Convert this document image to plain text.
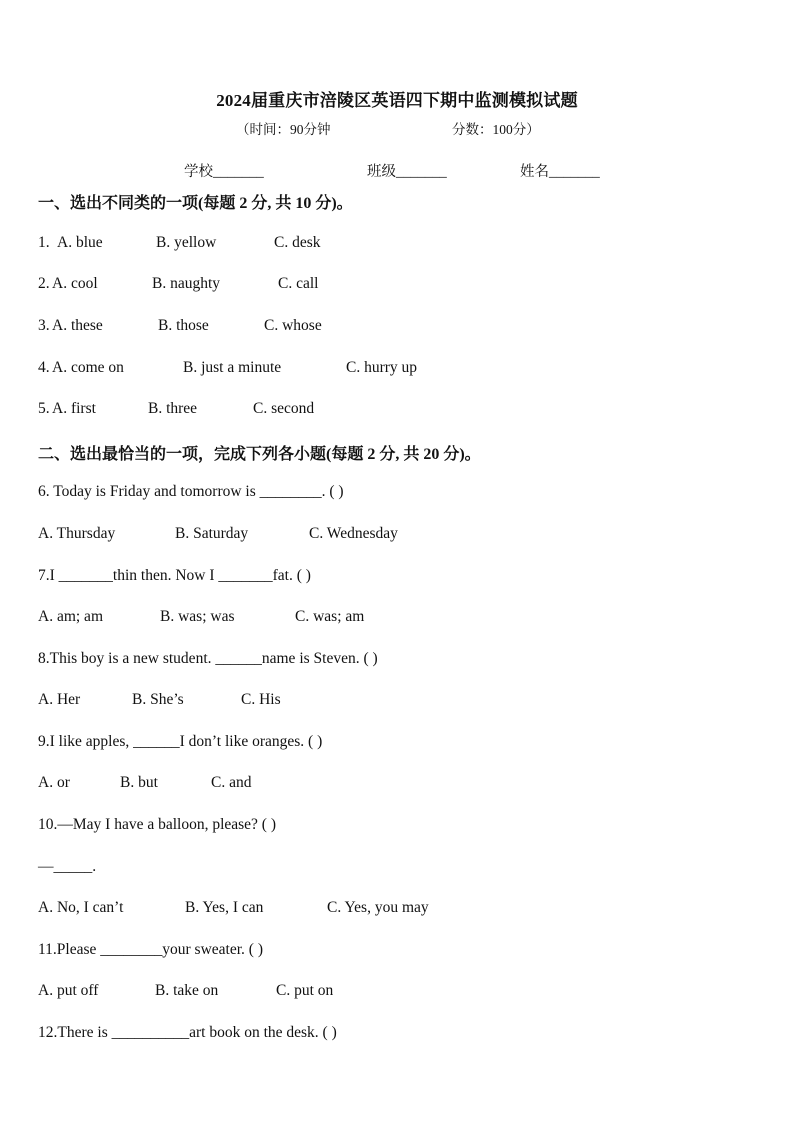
2024届重庆市涪陵区英语四下期中监测模拟试题
（时间：90分钟	分数：100分）
学校_______	班级_______	姓名_______
一、选出不同类的一项(每题 2 分, 共 10 分)。
1. A. blue	B. yellow	C. desk
2. A. cool	B. naughty	C. call
3. A. these	B. those	C. whose
4. A. come on	B. just a minute	C. hurry up
5. A. first	B. three	C. second
二、选出最恰当的一项，完成下列各小题(每题 2 分, 共 20 分)。
6. Today is Friday and tomorrow is ________. ( )
A. Thursday	B. Saturday	C. Wednesday
7.I _______thin then. Now I _______fat. ( )
A. am; am	B. was; was	C. was; am
8.This boy is a new student. ______name is Steven. ( )
A. Her	B. She’s	C. His
9.I like apples, ______I don’t like oranges. ( )
A. or	B. but	C. and
10.—May I have a balloon, please? ( )
—_____.
A. No, I can’t	B. Yes, I can	C. Yes, you may
11.Please ________your sweater. ( )
A. put off	B. take on	C. put on
12.There is __________art book on the desk. ( )
